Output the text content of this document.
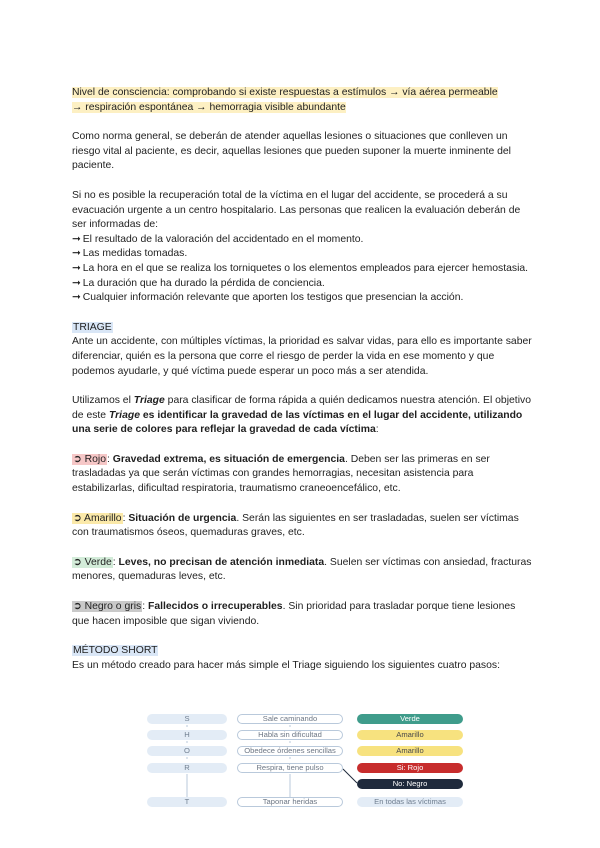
Nivel de consciencia: comprobando si existe respuestas a estímulos → vía aérea permeable
→ respiración espontánea → hemorragia visible abundante

Como norma general, se deberán de atender aquellas lesiones o situaciones que conlleven un riesgo vital al paciente, es decir, aquellas lesiones que pueden suponer la muerte inminente del paciente.

Si no es posible la recuperación total de la víctima en el lugar del accidente, se procederá a su evacuación urgente a un centro hospitalario. Las personas que realicen la evaluación deberán de ser informadas de:

➞ El resultado de la valoración del accidentado en el momento.

➞ Las medidas tomadas.

➞ La hora en el que se realiza los torniquetes o los elementos empleados para ejercer hemostasia.

➞ La duración que ha durado la pérdida de conciencia.

➞ Cualquier información relevante que aporten los testigos que presencian la acción.

TRIAGE

Ante un accidente, con múltiples víctimas, la prioridad es salvar vidas, para ello es importante saber diferenciar, quién es la persona que corre el riesgo de perder la vida en ese momento y que podemos ayudarle, y qué víctima puede esperar un poco más a ser atendida.

Utilizamos el Triage para clasificar de forma rápida a quién dedicamos nuestra atención. El objetivo de este Triage es identificar la gravedad de las víctimas en el lugar del accidente, utilizando una serie de colores para reflejar la gravedad de cada víctima:

➲ Rojo: Gravedad extrema, es situación de emergencia. Deben ser las primeras en ser trasladadas ya que serán víctimas con grandes hemorragias, necesitan asistencia para estabilizarlas, dificultad respiratoria, traumatismo craneoencefálico, etc.

➲ Amarillo: Situación de urgencia. Serán las siguientes en ser trasladadas, suelen ser víctimas con traumatismos óseos, quemaduras graves, etc.

➲ Verde: Leves, no precisan de atención inmediata. Suelen ser víctimas con ansiedad, fracturas menores, quemaduras leves, etc.

➲ Negro o gris: Fallecidos o irrecuperables. Sin prioridad para trasladar porque tiene lesiones que hacen imposible que sigan viviendo.

MÉTODO SHORT

Es un método creado para hacer más simple el Triage siguiendo los siguientes cuatro pasos:

S
H
O
R
T
Sale caminando
Habla sin dificultad
Obedece órdenes sencillas
Respira, tiene pulso
Taponar heridas
Verde
Amarillo
Amarillo
Si: Rojo
No: Negro
En todas las víctimas
